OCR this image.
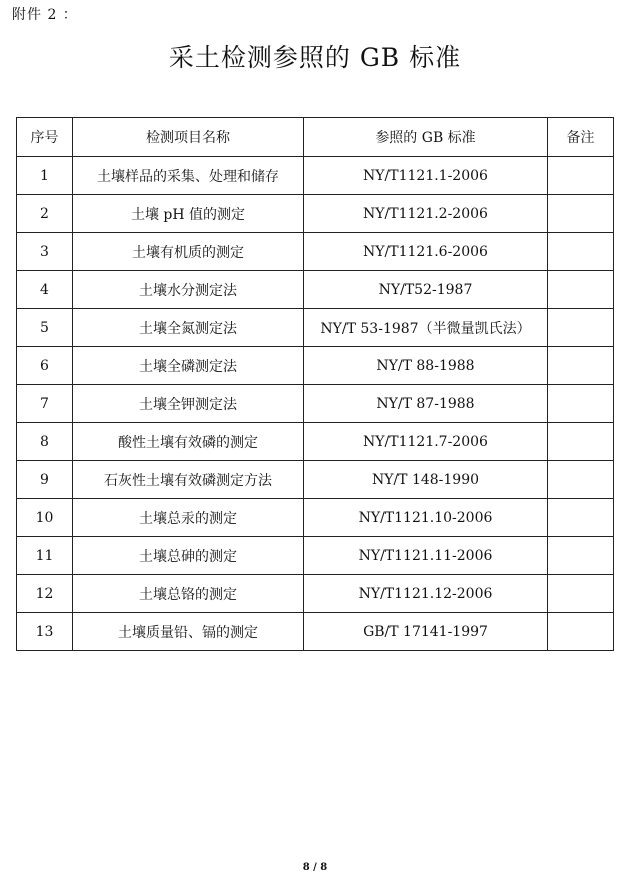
附件 2 ：
采土检测参照的 GB 标准
序号	检测项目名称	参照的 GB 标准	备注
1	土壤样品的采集、处理和储存	NY/T1121.1-2006	
2	土壤 pH 值的测定	NY/T1121.2-2006	
3	土壤有机质的测定	NY/T1121.6-2006	
4	土壤水分测定法	NY/T52-1987	
5	土壤全氮测定法	NY/T 53-1987（半微量凯氏法）	
6	土壤全磷测定法	NY/T 88-1988	
7	土壤全钾测定法	NY/T 87-1988	
8	酸性土壤有效磷的测定	NY/T1121.7-2006	
9	石灰性土壤有效磷测定方法	NY/T 148-1990	
10	土壤总汞的测定	NY/T1121.10-2006	
11	土壤总砷的测定	NY/T1121.11-2006	
12	土壤总铬的测定	NY/T1121.12-2006	
13	土壤质量铅、镉的测定	GB/T 17141-1997	
8 / 8
